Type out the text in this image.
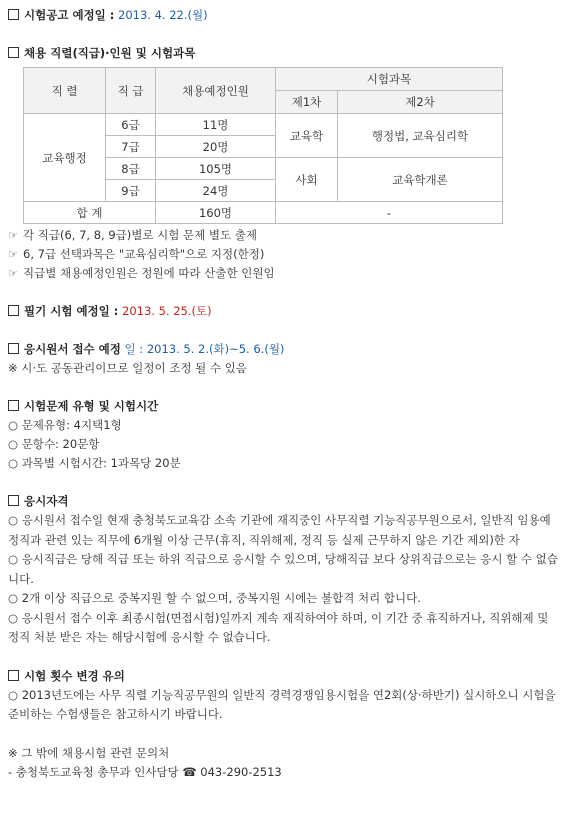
시험공고 예정일 : 2013. 4. 22.(월)
채용 직렬(직급)·인원 및 시험과목
직 렬	직 급	채용예정인원	시험과목	
			제1차	제2차
교육행정	6급	11명	교육학	행정법, 교육심리학
	7급	20명		
	8급	105명	사회	교육학개론
	9급	24명		
합 계		160명	-	
☞ 각 직급(6, 7, 8, 9급)별로 시험 문제 별도 출제
☞ 6, 7급 선택과목은 "교육심리학"으로 지정(한정)
☞ 직급별 채용예정인원은 정원에 따라 산출한 인원임
필기 시험 예정일 : 2013. 5. 25.(토)
응시원서 접수 예정 일 : 2013. 5. 2.(화)~5. 6.(월)
※ 시·도 공동관리이므로 일정이 조정 될 수 있음
시험문제 유형 및 시험시간
○ 문제유형: 4지택1형
○ 문항수: 20문항
○ 과목별 시험시간: 1과목당 20분
응시자격
○ 응시원서 접수일 현재 충청북도교육감 소속 기관에 재직중인 사무직렬 기능직공무원으로서, 일반직 임용예정직과 관련 있는 직무에 6개월 이상 근무(휴직, 직위해제, 정직 등 실제 근무하지 않은 기간 제외)한 자
○ 응시직급은 당해 직급 또는 하위 직급으로 응시할 수 있으며, 당해직급 보다 상위직급으로는 응시 할 수 없습니다.
○ 2개 이상 직급으로 중복지원 할 수 없으며, 중복지원 시에는 불합격 처리 합니다.
○ 응시원서 접수 이후 최종시험(면접시험)일까지 계속 재직하여야 하며, 이 기간 중 휴직하거나, 직위해제 및 정직 처분 받은 자는 해당시험에 응시할 수 없습니다.
시험 횟수 변경 유의
○ 2013년도에는 사무 직렬 기능직공무원의 일반직 경력경쟁임용시험을 연2회(상·하반기) 실시하오니 시험을 준비하는 수험생들은 참고하시기 바랍니다.
※ 그 밖에 채용시험 관련 문의처
- 충청북도교육청 총무과 인사담당 ☎ 043-290-2513
